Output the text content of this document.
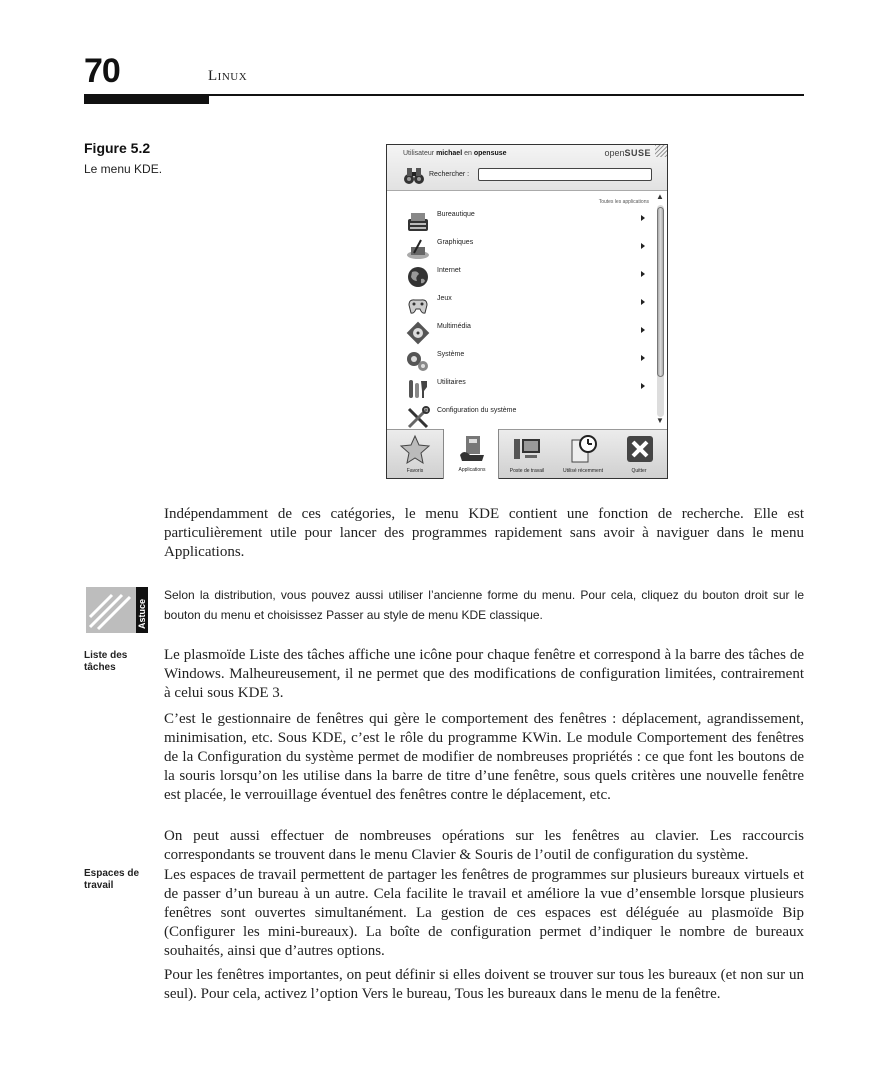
70	Linux
Figure 5.2
Le menu KDE.
Utilisateur michael en opensuse	openSUSE
Rechercher :
Toutes les applications
Bureautique
Graphiques
Internet
Jeux
Multimédia
Système
Utilitaires
Configuration du système
▲
▼
Favoris	Applications	Poste de travail	Utilisé récemment	Quitter

Indépendamment de ces catégories, le menu KDE contient une fonction de recherche. Elle est particulièrement utile pour lancer des programmes rapidement sans avoir à naviguer dans le menu Applications.

Astuce

Selon la distribution, vous pouvez aussi utiliser l’ancienne forme du menu. Pour cela, cliquez du bouton droit sur le bouton du menu et choisissez Passer au style de menu KDE classique.

Liste des tâches

Le plasmoïde Liste des tâches affiche une icône pour chaque fenêtre et correspond à la barre des tâches de Windows. Malheureusement, il ne permet que des modifications de configuration limitées, contrairement à celui sous KDE 3.

C’est le gestionnaire de fenêtres qui gère le comportement des fenêtres : déplacement, agrandissement, minimisation, etc. Sous KDE, c’est le rôle du programme KWin. Le module Comportement des fenêtres de la Configuration du système permet de modifier de nombreuses propriétés : ce que font les boutons de la souris lorsqu’on les utilise dans la barre de titre d’une fenêtre, sous quels critères une nouvelle fenêtre est placée, le verrouillage éventuel des fenêtres contre le déplacement, etc.

On peut aussi effectuer de nombreuses opérations sur les fenêtres au clavier. Les raccourcis correspondants se trouvent dans le menu Clavier & Souris de l’outil de configuration du système.

Espaces de travail

Les espaces de travail permettent de partager les fenêtres de programmes sur plusieurs bureaux virtuels et de passer d’un bureau à un autre. Cela facilite le travail et améliore la vue d’ensemble lorsque plusieurs fenêtres sont ouvertes simultanément. La gestion de ces espaces est déléguée au plasmoïde Bip (Configurer les mini-bureaux). La boîte de configuration permet d’indiquer le nombre de bureaux souhaités, ainsi que d’autres options.

Pour les fenêtres importantes, on peut définir si elles doivent se trouver sur tous les bureaux (et non sur un seul). Pour cela, activez l’option Vers le bureau, Tous les bureaux dans le menu de la fenêtre.
